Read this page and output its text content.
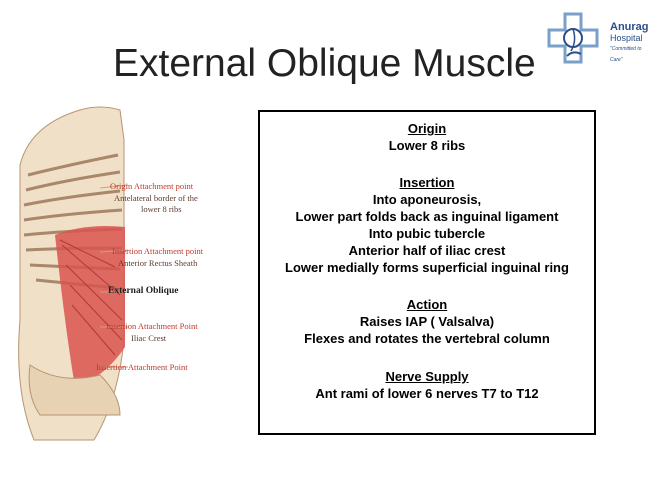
External Oblique Muscle
Anurag
Hospital
"Committed to Care"
Origin Attachment point
Antelateral border of the
lower 8 ribs
Insertion Attachment point
Anterior Rectus Sheath
External Oblique
Insertion Attachment Point
Iliac Crest
Insertion Attachment Point
Origin
Lower 8 ribs
Insertion
Into aponeurosis,
Lower part folds back as inguinal ligament
Into pubic tubercle
Anterior half of iliac crest
Lower medially forms superficial inguinal ring
Action
Raises IAP ( Valsalva)
Flexes and rotates the vertebral column
Nerve Supply
Ant rami of lower 6 nerves T7 to T12
